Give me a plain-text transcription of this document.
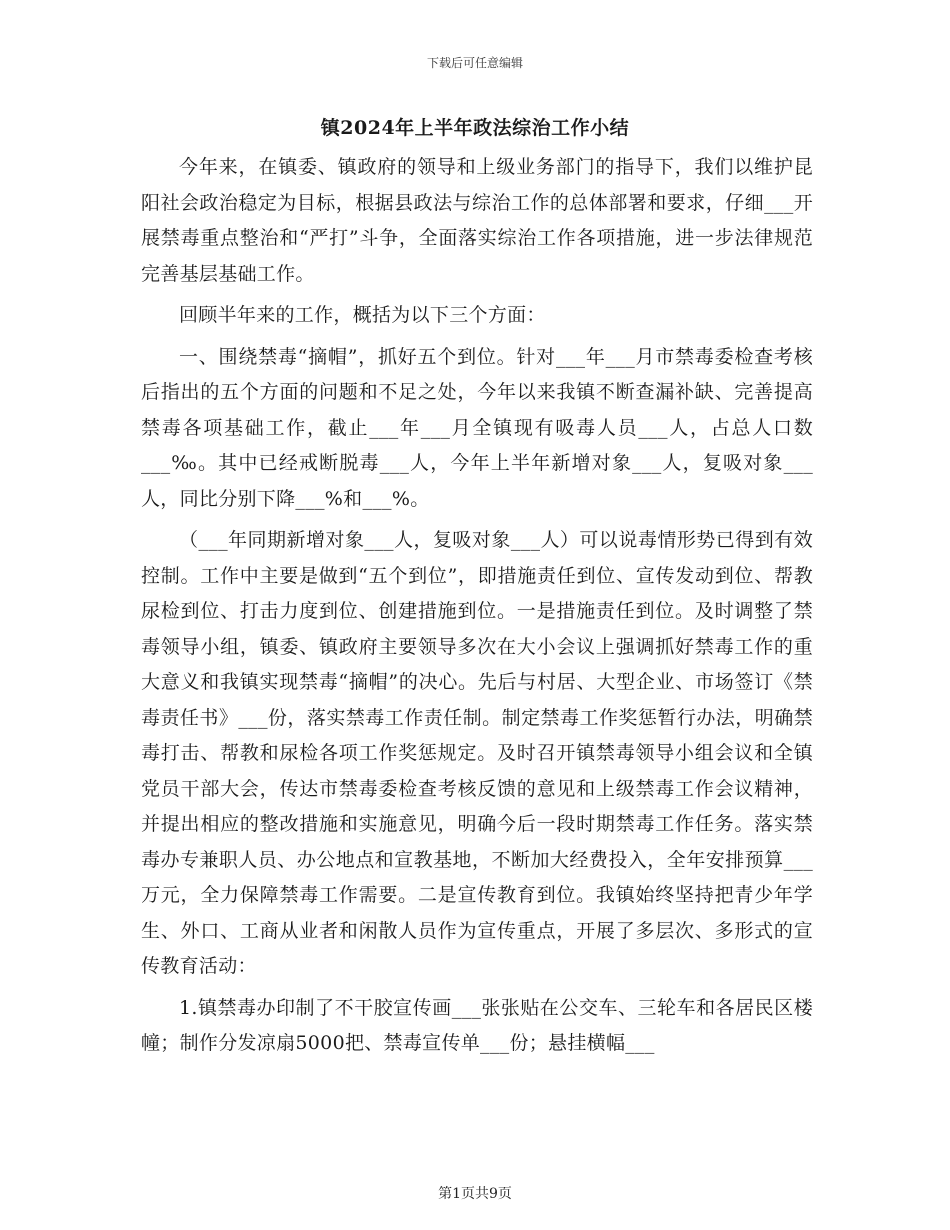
下载后可任意编辑
镇2024年上半年政法综治工作小结

今年来，在镇委、镇政府的领导和上级业务部门的指导下，我们以维护昆阳社会政治稳定为目标，根据县政法与综治工作的总体部署和要求，仔细___开展禁毒重点整治和“严打”斗争，全面落实综治工作各项措施，进一步法律规范完善基层基础工作。

回顾半年来的工作，概括为以下三个方面：

一、围绕禁毒“摘帽”，抓好五个到位。针对___年___月市禁毒委检查考核后指出的五个方面的问题和不足之处，今年以来我镇不断查漏补缺、完善提高禁毒各项基础工作，截止___年___月全镇现有吸毒人员___人，占总人口数___‰。其中已经戒断脱毒___人，今年上半年新增对象___人，复吸对象___人，同比分别下降___%和___%。

（___年同期新增对象___人，复吸对象___人）可以说毒情形势已得到有效控制。工作中主要是做到“五个到位”，即措施责任到位、宣传发动到位、帮教尿检到位、打击力度到位、创建措施到位。一是措施责任到位。及时调整了禁毒领导小组，镇委、镇政府主要领导多次在大小会议上强调抓好禁毒工作的重大意义和我镇实现禁毒“摘帽”的决心。先后与村居、大型企业、市场签订《禁毒责任书》___份，落实禁毒工作责任制。制定禁毒工作奖惩暂行办法，明确禁毒打击、帮教和尿检各项工作奖惩规定。及时召开镇禁毒领导小组会议和全镇党员干部大会，传达市禁毒委检查考核反馈的意见和上级禁毒工作会议精神，并提出相应的整改措施和实施意见，明确今后一段时期禁毒工作任务。落实禁毒办专兼职人员、办公地点和宣教基地，不断加大经费投入，全年安排预算___万元，全力保障禁毒工作需要。二是宣传教育到位。我镇始终坚持把青少年学生、外口、工商从业者和闲散人员作为宣传重点，开展了多层次、多形式的宣传教育活动：

1.镇禁毒办印制了不干胶宣传画___张张贴在公交车、三轮车和各居民区楼幢；制作分发凉扇5000把、禁毒宣传单___份；悬挂横幅___

第1页共9页
